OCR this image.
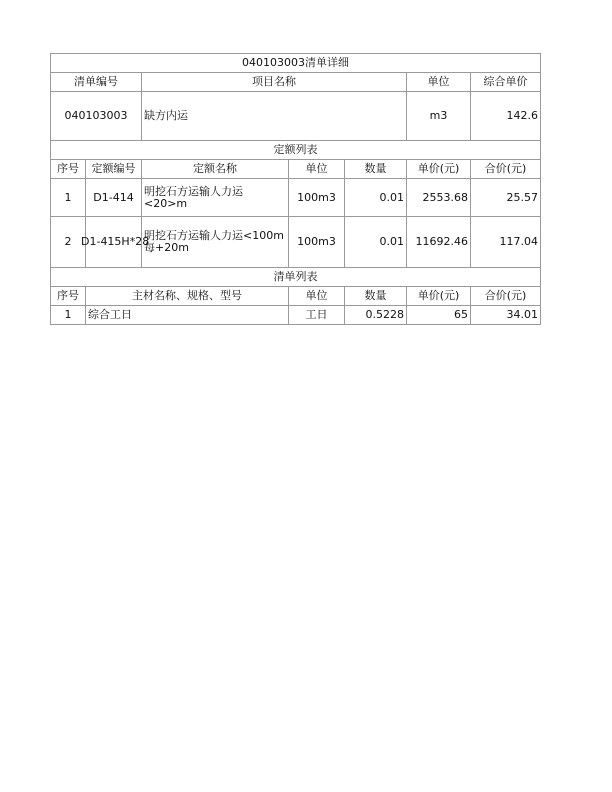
040103003清单详细						
清单编号		项目名称			单位	综合单价
040103003		缺方内运			m3	142.6
定额列表						
序号	定额编号	定额名称	单位	数量	单价(元)	合价(元)
1	D1-414	明挖石方运输人力运<20>m	100m3	0.01	2553.68	25.57
2	D1-415H*28	明挖石方运输人力运<100m每+20m	100m3	0.01	11692.46	117.04
清单列表						
序号	主材名称、规格、型号		单位	数量	单价(元)	合价(元)
1	综合工日		工日	0.5228	65	34.01
